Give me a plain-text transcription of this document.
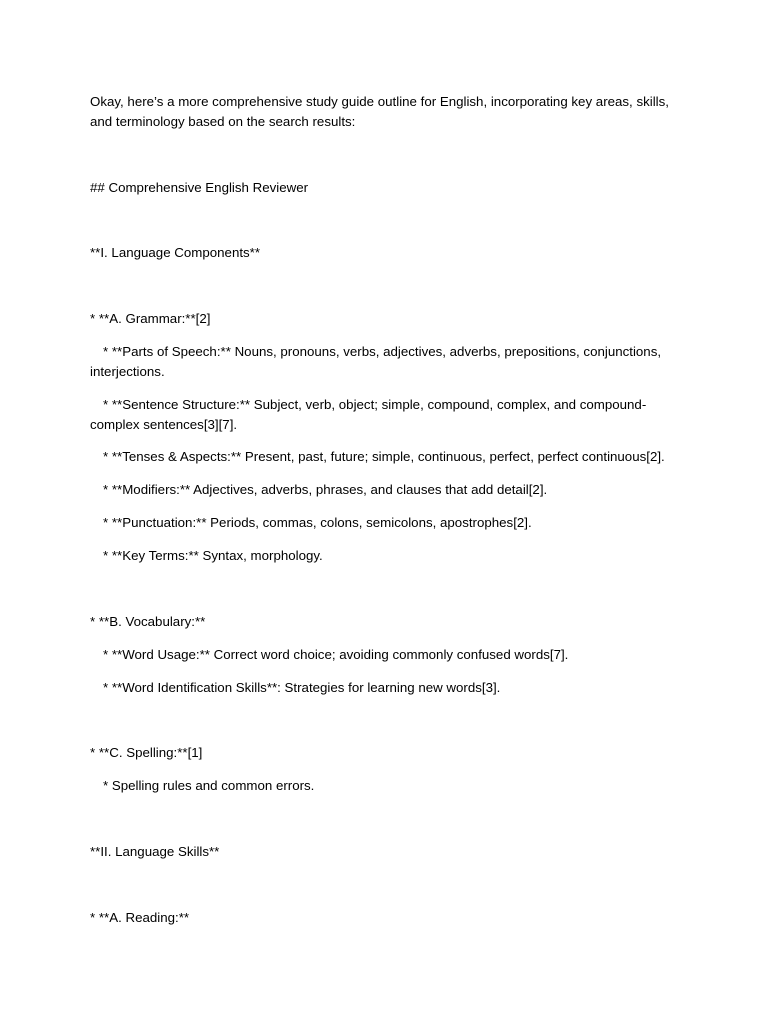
Okay, here’s a more comprehensive study guide outline for English, incorporating key areas, skills, and terminology based on the search results:
## Comprehensive English Reviewer
**I. Language Components**
* **A. Grammar:**[2]
* **Parts of Speech:** Nouns, pronouns, verbs, adjectives, adverbs, prepositions, conjunctions, interjections.
* **Sentence Structure:** Subject, verb, object; simple, compound, complex, and compound-complex sentences[3][7].
* **Tenses & Aspects:** Present, past, future; simple, continuous, perfect, perfect continuous[2].
* **Modifiers:** Adjectives, adverbs, phrases, and clauses that add detail[2].
* **Punctuation:** Periods, commas, colons, semicolons, apostrophes[2].
* **Key Terms:** Syntax, morphology.
* **B. Vocabulary:**
* **Word Usage:** Correct word choice; avoiding commonly confused words[7].
* **Word Identification Skills**: Strategies for learning new words[3].
* **C. Spelling:**[1]
* Spelling rules and common errors.
**II. Language Skills**
* **A. Reading:**
